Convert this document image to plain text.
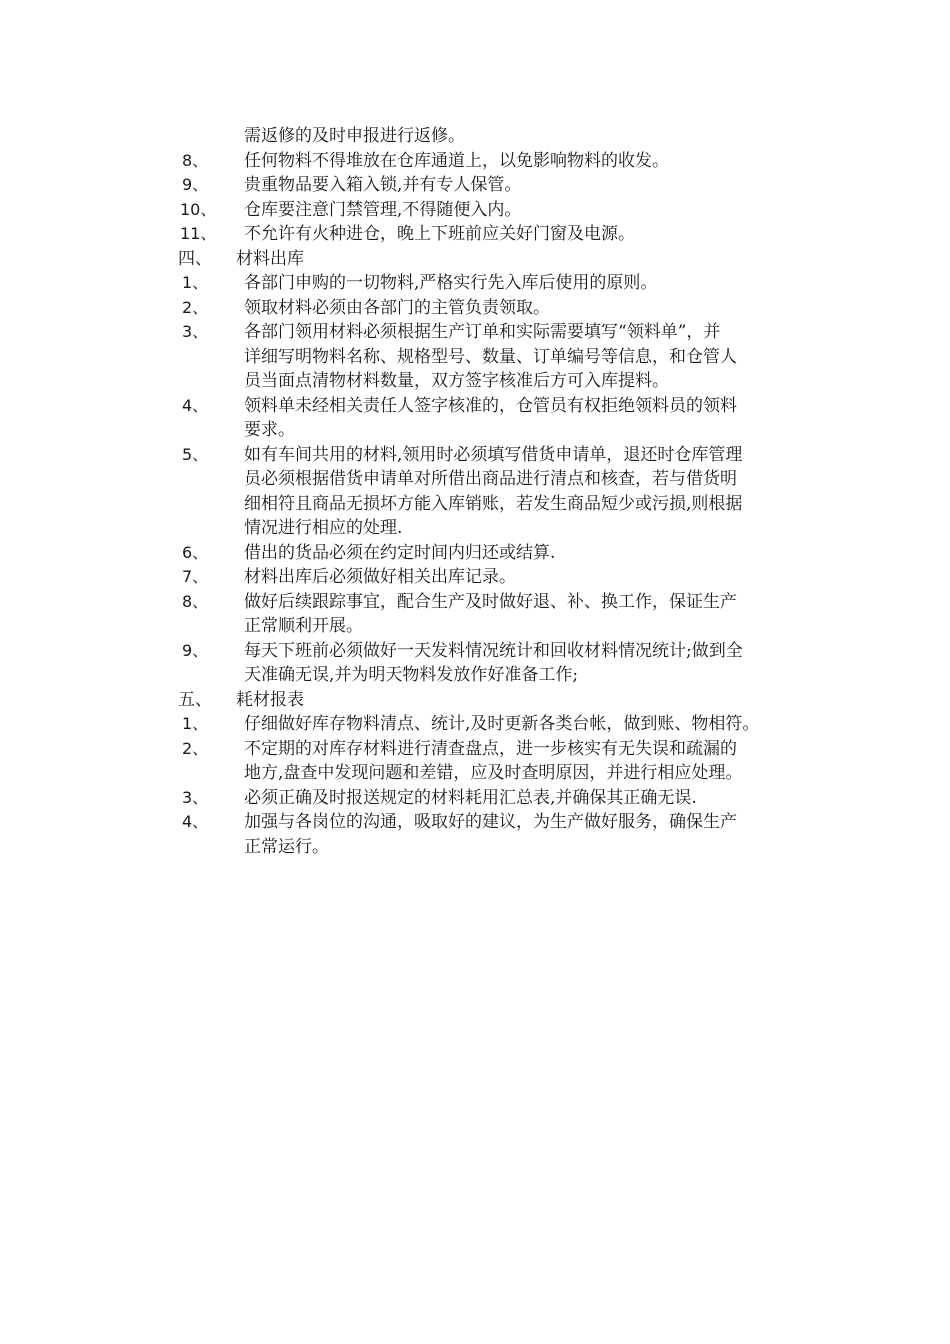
需返修的及时申报进行返修。
8、	任何物料不得堆放在仓库通道上，以免影响物料的收发。
9、	贵重物品要入箱入锁,并有专人保管。
10、	仓库要注意门禁管理,不得随便入内。
11、	不允许有火种进仓，晚上下班前应关好门窗及电源。
四、	材料出库
1、	各部门申购的一切物料,严格实行先入库后使用的原则。
2、	领取材料必须由各部门的主管负责领取。
3、	各部门领用材料必须根据生产订单和实际需要填写“领料单”，并
详细写明物料名称、规格型号、数量、订单编号等信息，和仓管人
员当面点清物材料数量，双方签字核准后方可入库提料。
4、	领料单未经相关责任人签字核准的，仓管员有权拒绝领料员的领料
要求。
5、	如有车间共用的材料,领用时必须填写借货申请单，退还时仓库管理
员必须根据借货申请单对所借出商品进行清点和核查，若与借货明
细相符且商品无损坏方能入库销账，若发生商品短少或污损,则根据
情况进行相应的处理.
6、	借出的货品必须在约定时间内归还或结算.
7、	材料出库后必须做好相关出库记录。
8、	做好后续跟踪事宜，配合生产及时做好退、补、换工作，保证生产
正常顺利开展。
9、	每天下班前必须做好一天发料情况统计和回收材料情况统计;做到全
天准确无误,并为明天物料发放作好准备工作;
五、	耗材报表
1、	仔细做好库存物料清点、统计,及时更新各类台帐，做到账、物相符。
2、	不定期的对库存材料进行清查盘点，进一步核实有无失误和疏漏的
地方,盘查中发现问题和差错，应及时查明原因，并进行相应处理。
3、	必须正确及时报送规定的材料耗用汇总表,并确保其正确无误.
4、	加强与各岗位的沟通，吸取好的建议，为生产做好服务，确保生产
正常运行。
